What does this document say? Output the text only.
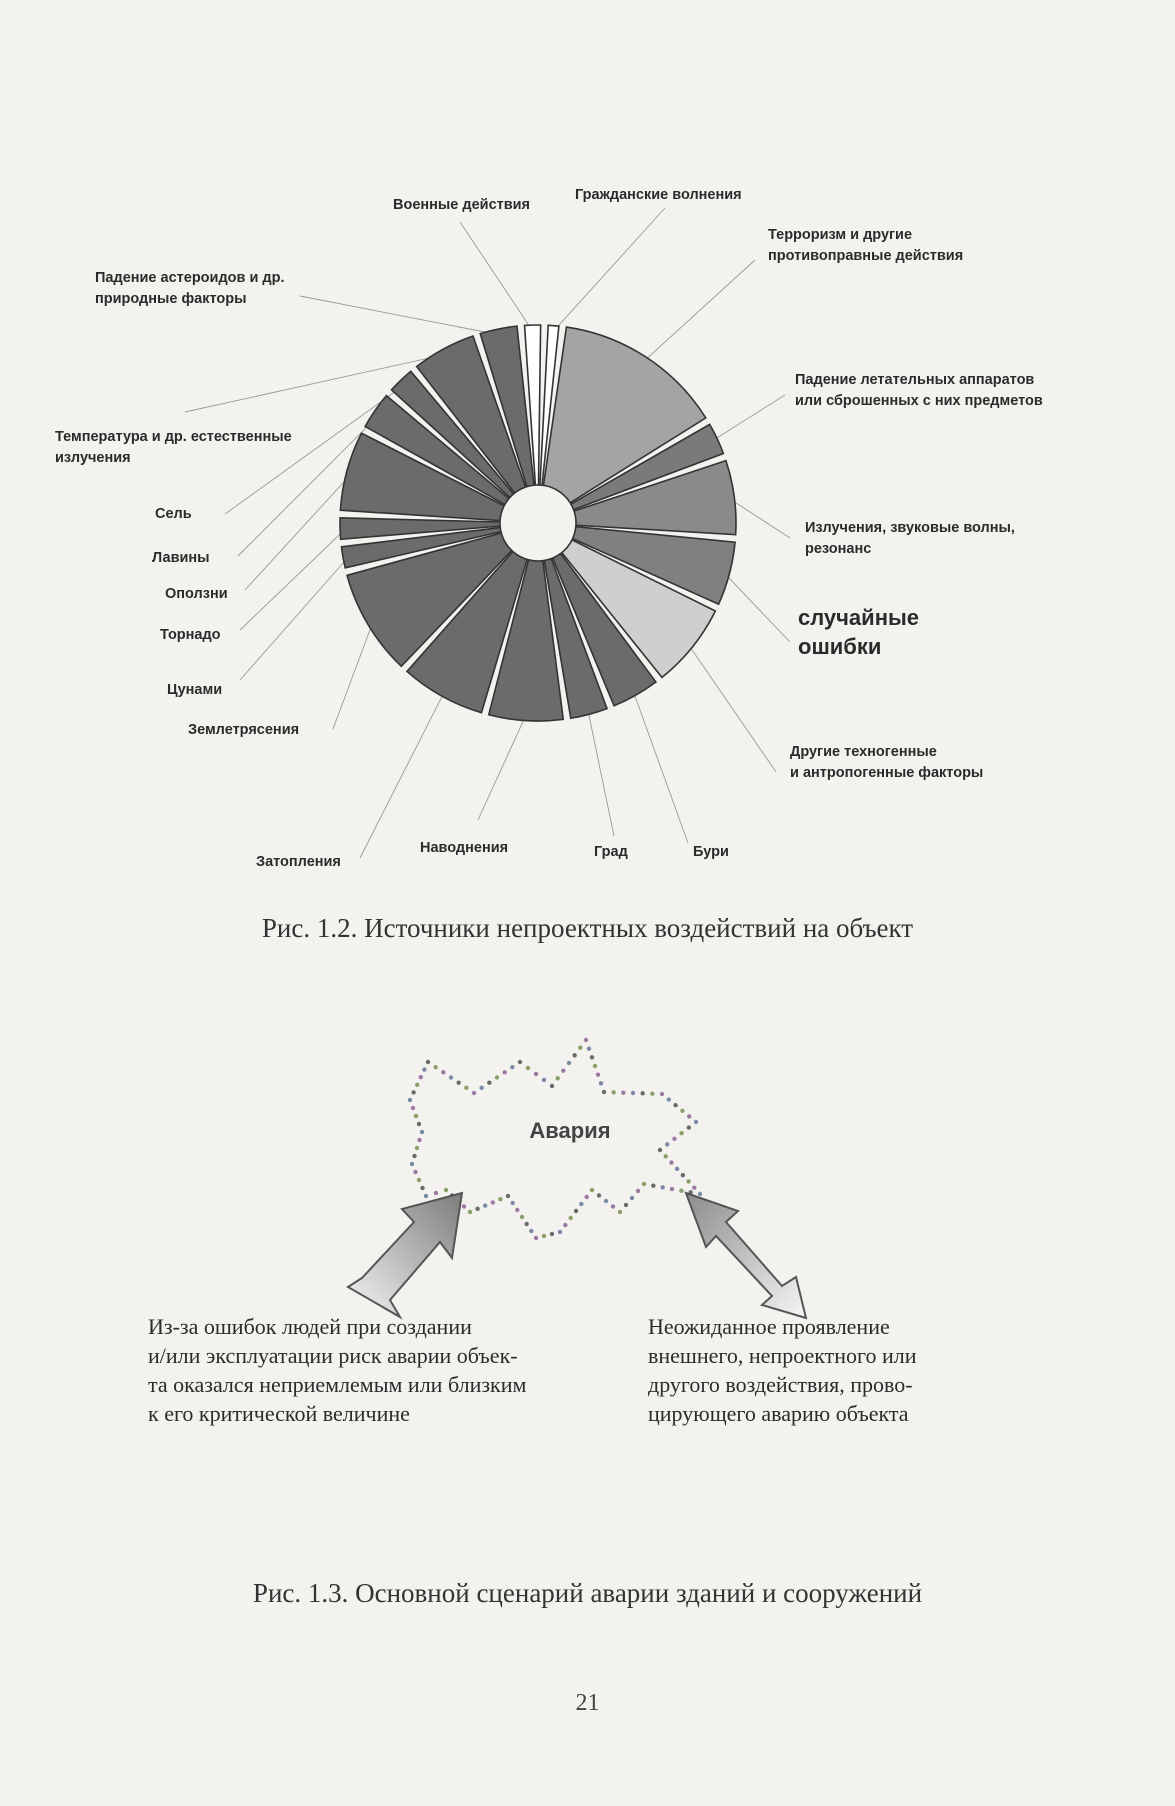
Военные действия
Гражданские волнения
Терроризм и другие
противоправные действия
Падение летательных аппаратов
или сброшенных с них предметов
Излучения, звуковые волны,
резонанс
случайные
ошибки
Другие техногенные
и антропогенные факторы
Бури
Град
Наводнения
Затопления
Землетрясения
Цунами
Торнадо
Оползни
Лавины
Сель
Температура и др. естественные
излучения
Падение астероидов и др.
природные факторы
Рис. 1.2. Источники непроектных воздействий на объект
Авария
Из-за ошибок людей при создании
и/или эксплуатации риск аварии объек-
та оказался неприемлемым или близким
к его критической величине
Неожиданное проявление
внешнего, непроектного или
другого воздействия, прово-
цирующего аварию объекта
Рис. 1.3. Основной сценарий аварии зданий и сооружений
21
